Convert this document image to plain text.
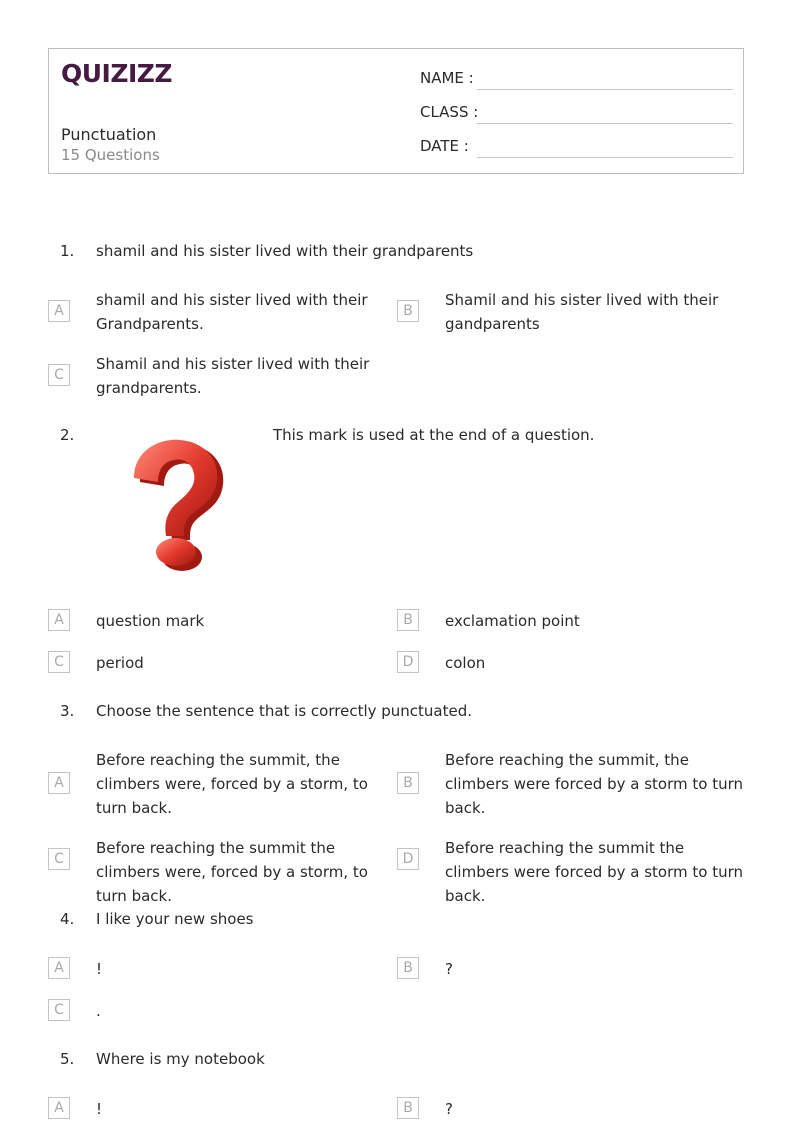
QUIZIZZ
Punctuation
15 Questions
NAME :
CLASS :
DATE :
1. shamil and his sister lived with their grandparents
A
shamil and his sister lived with their Grandparents.
B
Shamil and his sister lived with their gandparents
C
Shamil and his sister lived with their grandparents.
2.	This mark is used at the end of a question.
A	question mark	B	exclamation point
C	period	D	colon
3. Choose the sentence that is correctly punctuated.
A
Before reaching the summit, the climbers were, forced by a storm, to turn back.
B
Before reaching the summit, the climbers were forced by a storm to turn back.
C
Before reaching the summit the climbers were, forced by a storm, to turn back.
D
Before reaching the summit the climbers were forced by a storm to turn back.
4. I like your new shoes
A	!	B	?
C	.
5. Where is my notebook
A	!	B	?
